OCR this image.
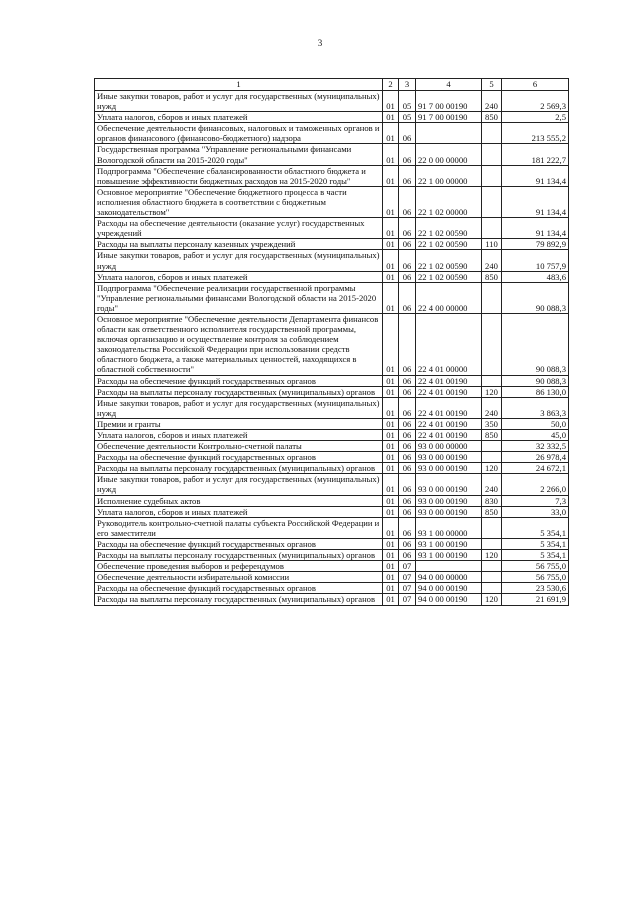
3
1	2	3	4	5	6
Иные закупки товаров, работ и услуг для государственных (муниципальных) нужд	01	05	91 7 00 00190	240	2 569,3
Уплата налогов, сборов и иных платежей	01	05	91 7 00 00190	850	2,5
Обеспечение деятельности финансовых, налоговых и таможенных органов и органов финансового (финансово-бюджетного) надзора	01	06			213 555,2
Государственная программа "Управление региональными финансами Вологодской области на 2015-2020 годы"	01	06	22 0 00 00000		181 222,7
Подпрограмма "Обеспечение сбалансированности областного бюджета и повышение эффективности бюджетных расходов на 2015-2020 годы"	01	06	22 1 00 00000		91 134,4
Основное мероприятие "Обеспечение бюджетного процесса в части исполнения областного бюджета в соответствии с бюджетным законодательством"	01	06	22 1 02 00000		91 134,4
Расходы на обеспечение деятельности (оказание услуг) государственных учреждений	01	06	22 1 02 00590		91 134,4
Расходы на выплаты персоналу казенных учреждений	01	06	22 1 02 00590	110	79 892,9
Иные закупки товаров, работ и услуг для государственных (муниципальных) нужд	01	06	22 1 02 00590	240	10 757,9
Уплата налогов, сборов и иных платежей	01	06	22 1 02 00590	850	483,6
Подпрограмма "Обеспечение реализации государственной программы "Управление региональными финансами Вологодской области на 2015-2020 годы"	01	06	22 4 00 00000		90 088,3
Основное мероприятие "Обеспечение деятельности Департамента финансов области как ответственного исполнителя государственной программы, включая организацию и осуществление контроля за соблюдением законодательства Российской Федерации при использовании средств областного бюджета, а также материальных ценностей, находящихся в областной собственности"	01	06	22 4 01 00000		90 088,3
Расходы на обеспечение функций государственных органов	01	06	22 4 01 00190		90 088,3
Расходы на выплаты персоналу государственных (муниципальных) органов	01	06	22 4 01 00190	120	86 130,0
Иные закупки товаров, работ и услуг для государственных (муниципальных) нужд	01	06	22 4 01 00190	240	3 863,3
Премии и гранты	01	06	22 4 01 00190	350	50,0
Уплата налогов, сборов и иных платежей	01	06	22 4 01 00190	850	45,0
Обеспечение деятельности Контрольно-счетной палаты	01	06	93 0 00 00000		32 332,5
Расходы на обеспечение функций государственных органов	01	06	93 0 00 00190		26 978,4
Расходы на выплаты персоналу государственных (муниципальных) органов	01	06	93 0 00 00190	120	24 672,1
Иные закупки товаров, работ и услуг для государственных (муниципальных) нужд	01	06	93 0 00 00190	240	2 266,0
Исполнение судебных актов	01	06	93 0 00 00190	830	7,3
Уплата налогов, сборов и иных платежей	01	06	93 0 00 00190	850	33,0
Руководитель контрольно-счетной палаты субъекта Российской Федерации и его заместители	01	06	93 1 00 00000		5 354,1
Расходы на обеспечение функций государственных органов	01	06	93 1 00 00190		5 354,1
Расходы на выплаты персоналу государственных (муниципальных) органов	01	06	93 1 00 00190	120	5 354,1
Обеспечение проведения выборов и референдумов	01	07			56 755,0
Обеспечение деятельности избирательной комиссии	01	07	94 0 00 00000		56 755,0
Расходы на обеспечение функций государственных органов	01	07	94 0 00 00190		23 530,6
Расходы на выплаты персоналу государственных (муниципальных) органов	01	07	94 0 00 00190	120	21 691,9
